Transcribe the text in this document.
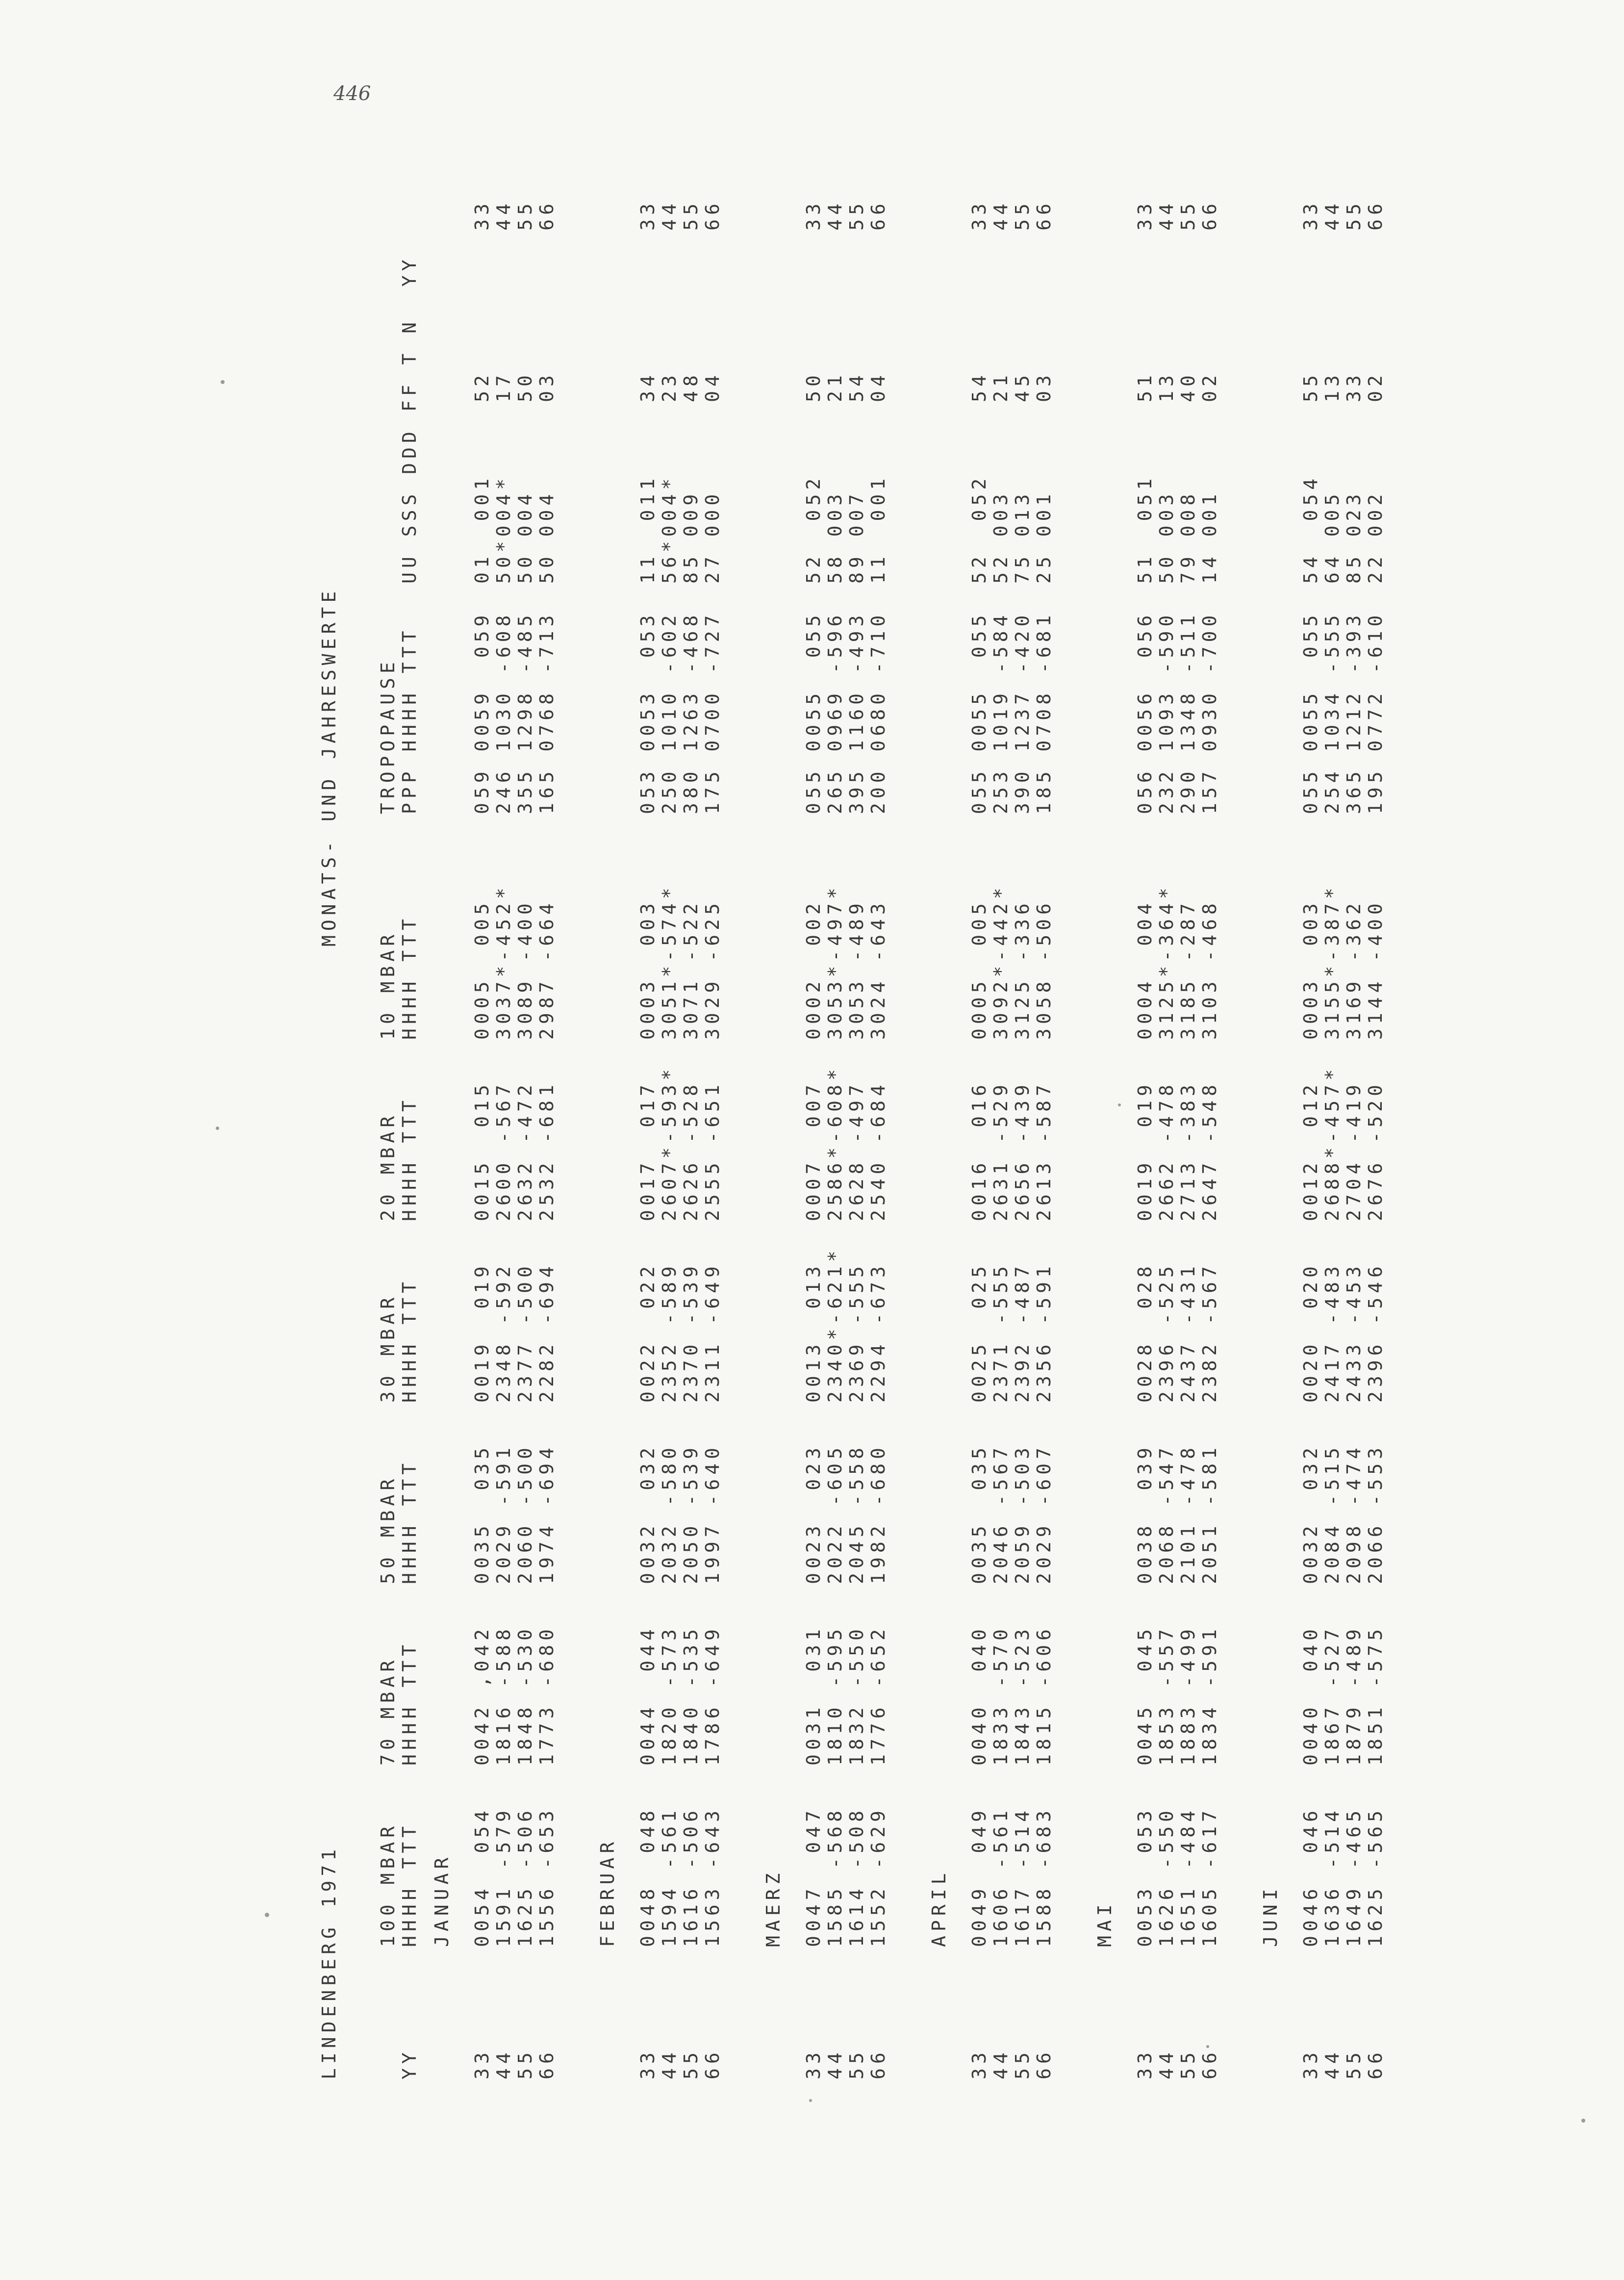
446
LINDENBERG 1971
MONATS- UND JAHRESWERTE
100 MBAR
70 MBAR
50 MBAR
30 MBAR
20 MBAR
10 MBAR
TROPOPAUSE
YY
HHHH TTT
HHHH TTT
HHHH TTT
HHHH TTT
HHHH TTT
HHHH TTT
PPP HHHH TTT
UU SSS DDD FF T N  YY
JANUAR
33
0054  054
0042 ,042
0035  035
0019  019
0015  015
0005  005
059 0059  059
01  001
52
33
44
1591 -579
1816 -588
2029 -591
2348 -592
2600 -567
3037*-452*
246 1030 -608
50*004*
17
44
55
1625 -506
1848 -530
2060 -500
2377 -500
2632 -472
3089 -400
355 1298 -485
50 004
50
55
66
1556 -653
1773 -680
1974 -694
2282 -694
2532 -681
2987 -664
165 0768 -713
50 004
03
66
FEBRUAR
33
0048  048
0044  044
0032  032
0022  022
0017  017
0003  003
053 0053  053
11  011
34
33
44
1594 -561
1820 -573
2032 -580
2352 -589
2607*-593*
3051*-574*
250 1010 -602
56*004*
23
44
55
1616 -506
1840 -535
2050 -539
2370 -539
2626 -528
3071 -522
380 1263 -468
85 009
48
55
66
1563 -643
1786 -649
1997 -640
2311 -649
2555 -651
3029 -625
175 0700 -727
27 000
04
66
MAERZ
33
0047  047
0031  031
0023  023
0013  013
0007  007
0002  002
055 0055  055
52  052
50
33
44
1585 -568
1810 -595
2022 -605
2340*-621*
2586*-608*
3053*-497*
265 0969 -596
58 003
21
44
55
1614 -508
1832 -550
2045 -558
2369 -555
2628 -497
3053 -489
395 1160 -493
89 007
54
55
66
1552 -629
1776 -652
1982 -680
2294 -673
2540 -684
3024 -643
200 0680 -710
11  001
04
66
APRIL
33
0049  049
0040  040
0035  035
0025  025
0016  016
0005  005
055 0055  055
52  052
54
33
44
1606 -561
1833 -570
2046 -567
2371 -555
2631 -529
3092*-442*
253 1019 -584
52 003
21
44
55
1617 -514
1843 -523
2059 -503
2392 -487
2656 -439
3125 -336
390 1237 -420
75 013
45
55
66
1588 -683
1815 -606
2029 -607
2356 -591
2613 -587
3058 -506
185 0708 -681
25 001
03
66
MAI
33
0053  053
0045  045
0038  039
0028  028
0019  019
0004  004
056 0056  056
51  051
51
33
44
1626 -550
1853 -557
2068 -547
2396 -525
2662 -478
3125*-364*
232 1093 -590
50 003
13
44
55
1651 -484
1883 -499
2101 -478
2437 -431
2713 -383
3185 -287
290 1348 -511
79 008
40
55
66
1605 -617
1834 -591
2051 -581
2382 -567
2647 -548
3103 -468
157 0930 -700
14 001
02
66
JUNI
33
0046  046
0040  040
0032  032
0020  020
0012  012
0003  003
055 0055  055
54  054
55
33
44
1636 -514
1867 -527
2084 -515
2417 -483
2688*-457*
3155*-387*
254 1034 -555
64 005
13
44
55
1649 -465
1879 -489
2098 -474
2433 -453
2704 -419
3169 -362
365 1212 -393
85 023
33
55
66
1625 -565
1851 -575
2066 -553
2396 -546
2676 -520
3144 -400
195 0772 -610
22 002
02
66
